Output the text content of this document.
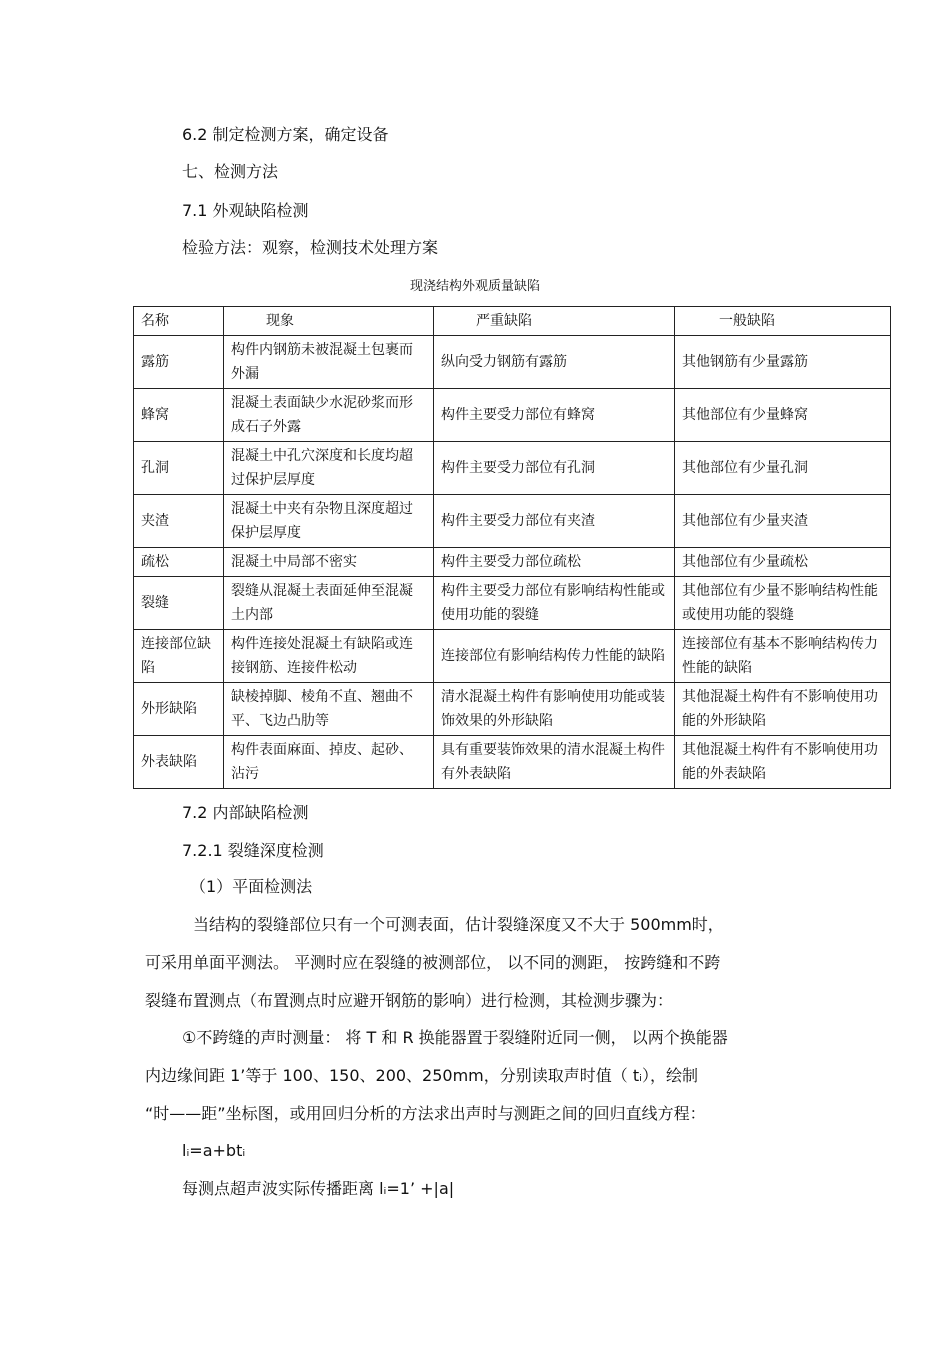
6.2 制定检测方案，确定设备
七、检测方法
7.1 外观缺陷检测
检验方法：观察，检测技术处理方案
现浇结构外观质量缺陷
名称	现象	严重缺陷	一般缺陷
露筋	构件内钢筋未被混凝土包裹而外漏	纵向受力钢筋有露筋	其他钢筋有少量露筋
蜂窝	混凝土表面缺少水泥砂浆而形成石子外露	构件主要受力部位有蜂窝	其他部位有少量蜂窝
孔洞	混凝土中孔穴深度和长度均超过保护层厚度	构件主要受力部位有孔洞	其他部位有少量孔洞
夹渣	混凝土中夹有杂物且深度超过保护层厚度	构件主要受力部位有夹渣	其他部位有少量夹渣
疏松	混凝土中局部不密实	构件主要受力部位疏松	其他部位有少量疏松
裂缝	裂缝从混凝土表面延伸至混凝土内部	构件主要受力部位有影响结构性能或使用功能的裂缝	其他部位有少量不影响结构性能或使用功能的裂缝
连接部位缺陷	构件连接处混凝土有缺陷或连接钢筋、连接件松动	连接部位有影响结构传力性能的缺陷	连接部位有基本不影响结构传力性能的缺陷
外形缺陷	缺棱掉脚、棱角不直、翘曲不平、飞边凸肋等	清水混凝土构件有影响使用功能或装饰效果的外形缺陷	其他混凝土构件有不影响使用功能的外形缺陷
外表缺陷	构件表面麻面、掉皮、起砂、沾污	具有重要装饰效果的清水混凝土构件有外表缺陷	其他混凝土构件有不影响使用功能的外表缺陷
7.2 内部缺陷检测
7.2.1 裂缝深度检测
（1）平面检测法
当结构的裂缝部位只有一个可测表面，估计裂缝深度又不大于 500mm时，
可采用单面平测法。 平测时应在裂缝的被测部位， 以不同的测距， 按跨缝和不跨
裂缝布置测点（布置测点时应避开钢筋的影响）进行检测，其检测步骤为：
①不跨缝的声时测量： 将 T 和 R 换能器置于裂缝附近同一侧， 以两个换能器
内边缘间距 1’等于 100、150、200、250mm，分别读取声时值（ tᵢ），绘制
“时——距”坐标图，或用回归分析的方法求出声时与测距之间的回归直线方程：
lᵢ=a+btᵢ
每测点超声波实际传播距离 lᵢ=1’ +|a|
